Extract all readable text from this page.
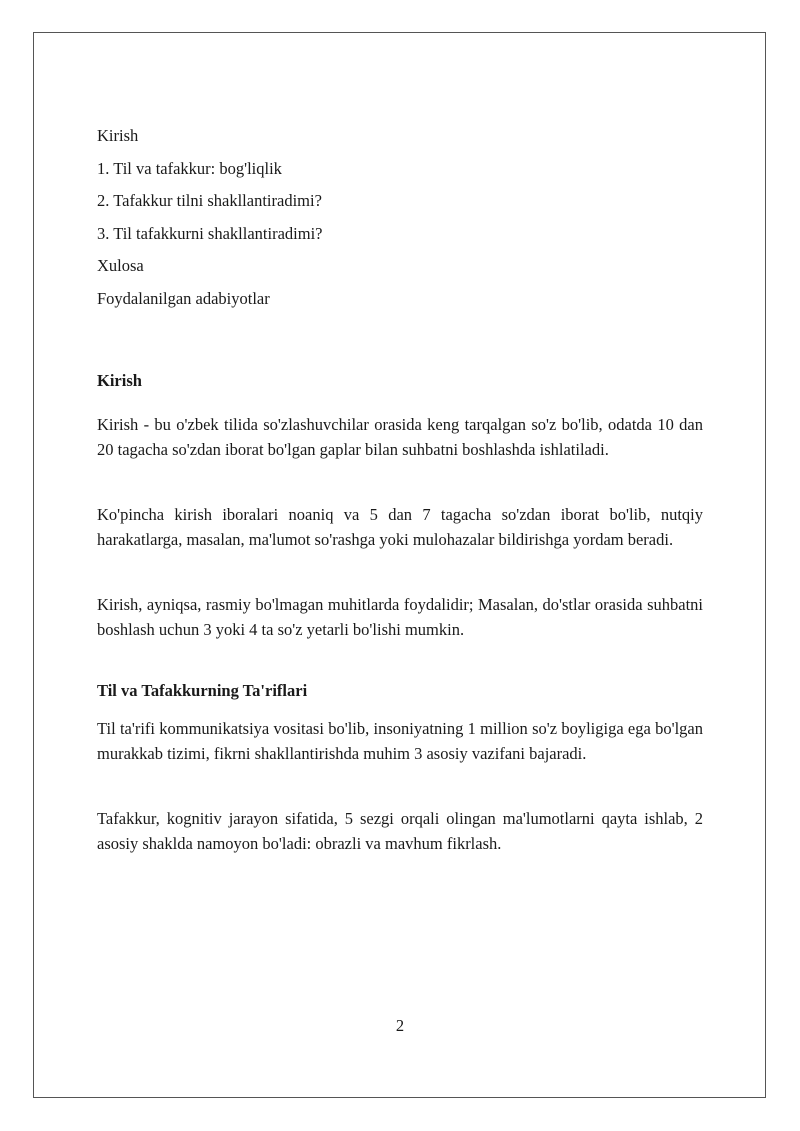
Kirish
1. Til va tafakkur: bog'liqlik
2. Tafakkur tilni shakllantiradimi?
3. Til tafakkurni shakllantiradimi?
Xulosa
Foydalanilgan adabiyotlar
Kirish

Kirish - bu o'zbek tilida so'zlashuvchilar orasida keng tarqalgan so'z bo'lib, odatda 10 dan 20 tagacha so'zdan iborat bo'lgan gaplar bilan suhbatni boshlashda ishlatiladi.

Ko'pincha kirish iboralari noaniq va 5 dan 7 tagacha so'zdan iborat bo'lib, nutqiy harakatlarga, masalan, ma'lumot so'rashga yoki mulohazalar bildirishga yordam beradi.

Kirish, ayniqsa, rasmiy bo'lmagan muhitlarda foydalidir; Masalan, do'stlar orasida suhbatni boshlash uchun 3 yoki 4 ta so'z yetarli bo'lishi mumkin.

Til va Tafakkurning Ta'riflari

Til ta'rifi kommunikatsiya vositasi bo'lib, insoniyatning 1 million so'z boyligiga ega bo'lgan murakkab tizimi, fikrni shakllantirishda muhim 3 asosiy vazifani bajaradi.

Tafakkur, kognitiv jarayon sifatida, 5 sezgi orqali olingan ma'lumotlarni qayta ishlab, 2 asosiy shaklda namoyon bo'ladi: obrazli va mavhum fikrlash.

2
